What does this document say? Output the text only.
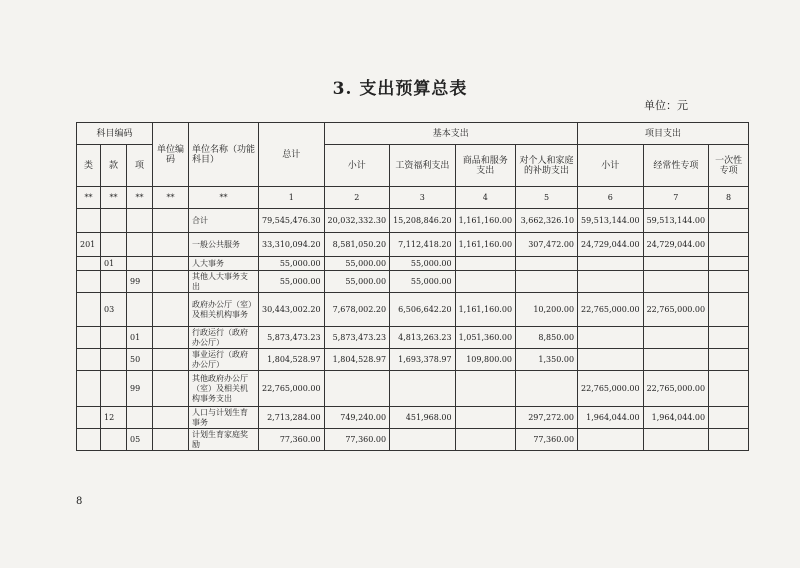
3. 支出预算总表
单位：元
科目编码			单位编码	单位名称（功能科目）	总计	基本支出				项目支出		
类	款	项				小计	工资福利支出	商品和服务支出	对个人和家庭的补助支出	小计	经常性专项	一次性专项
**	**	**	**	**	1	2	3	4	5	6	7	8
				合计	79,545,476.30	20,032,332.30	15,208,846.20	1,161,160.00	3,662,326.10	59,513,144.00	59,513,144.00	
201				一般公共服务	33,310,094.20	8,581,050.20	7,112,418.20	1,161,160.00	307,472.00	24,729,044.00	24,729,044.00	
	01			人大事务	55,000.00	55,000.00	55,000.00					
		99		其他人大事务支出	55,000.00	55,000.00	55,000.00					
	03			政府办公厅（室）及相关机构事务	30,443,002.20	7,678,002.20	6,506,642.20	1,161,160.00	10,200.00	22,765,000.00	22,765,000.00	
		01		行政运行（政府办公厅）	5,873,473.23	5,873,473.23	4,813,263.23	1,051,360.00	8,850.00			
		50		事业运行（政府办公厅）	1,804,528.97	1,804,528.97	1,693,378.97	109,800.00	1,350.00			
		99		其他政府办公厅（室）及相关机构事务支出	22,765,000.00					22,765,000.00	22,765,000.00	
	12			人口与计划生育事务	2,713,284.00	749,240.00	451,968.00		297,272.00	1,964,044.00	1,964,044.00	
		05		计划生育家庭奖励	77,360.00	77,360.00			77,360.00			
8
